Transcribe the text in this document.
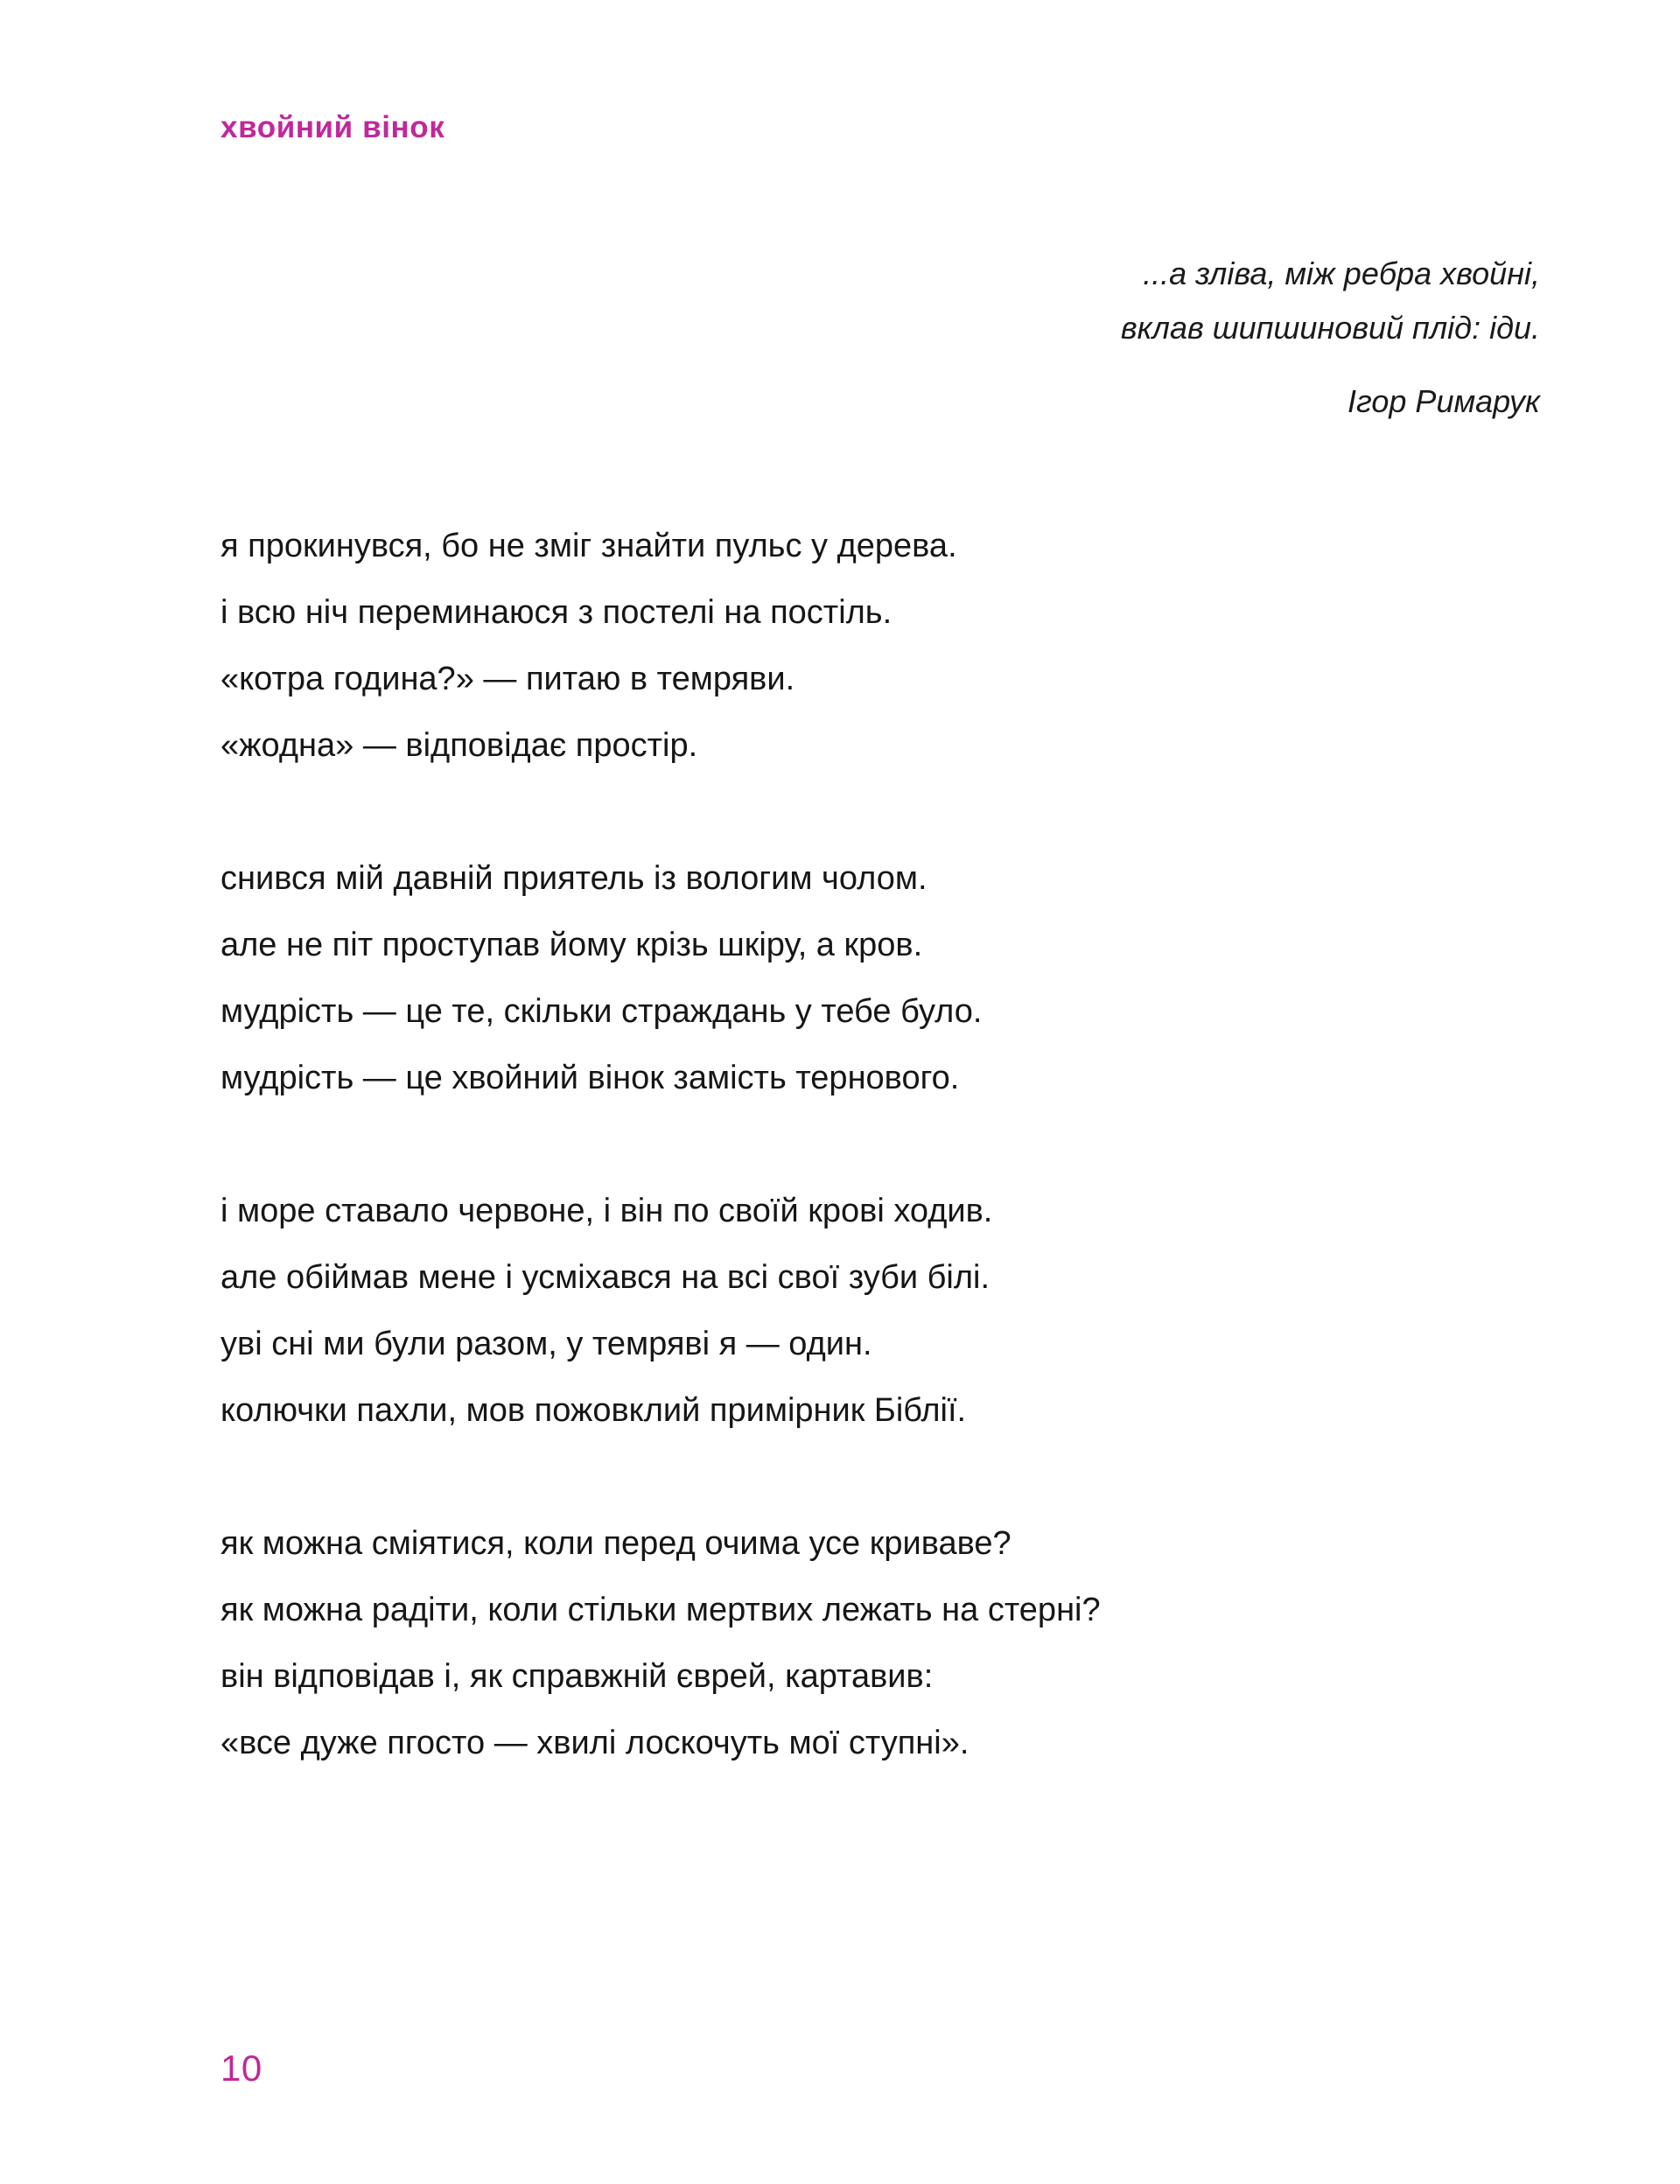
хвойний вінок
...а зліва, між ребра хвойні,
вклав шипшиновий плід: іди.
Ігор Римарук
я прокинувся, бо не зміг знайти пульс у дерева.
і всю ніч переминаюся з постелі на постіль.
«котра година?» — питаю в темряви.
«жодна» — відповідає простір.
снився мій давній приятель із вологим чолом.
але не піт проступав йому крізь шкіру, а кров.
мудрість — це те, скільки страждань у тебе було.
мудрість — це хвойний вінок замість тернового.
і море ставало червоне, і він по своїй крові ходив.
але обіймав мене і усміхався на всі свої зуби білі.
уві сні ми були разом, у темряві я — один.
колючки пахли, мов пожовклий примірник Біблії.
як можна сміятися, коли перед очима усе криваве?
як можна радіти, коли стільки мертвих лежать на стерні?
він відповідав і, як справжній єврей, картавив:
«все дуже пгосто — хвилі лоскочуть мої ступні».
10
